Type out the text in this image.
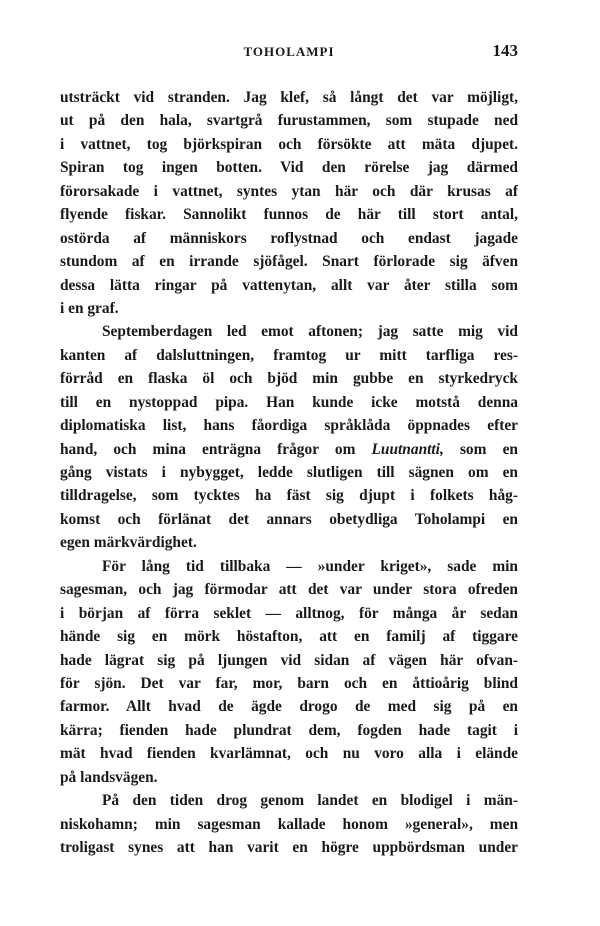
TOHOLAMPI	143
utsträckt vid stranden. Jag klef, så långt det var möjligt,
ut på den hala, svartgrå furustammen, som stupade ned
i vattnet, tog björkspiran och försökte att mäta djupet.
Spiran tog ingen botten. Vid den rörelse jag därmed
förorsakade i vattnet, syntes ytan här och där krusas af
flyende fiskar. Sannolikt funnos de här till stort antal,
ostörda af människors roflystnad och endast jagade
stundom af en irrande sjöfågel. Snart förlorade sig äfven
dessa lätta ringar på vattenytan, allt var åter stilla som
i en graf.
Septemberdagen led emot aftonen; jag satte mig vid
kanten af dalsluttningen, framtog ur mitt tarfliga res-
förråd en flaska öl och bjöd min gubbe en styrkedryck
till en nystoppad pipa. Han kunde icke motstå denna
diplomatiska list, hans fåordiga språklåda öppnades efter
hand, och mina enträgna frågor om Luutnantti, som en
gång vistats i nybygget, ledde slutligen till sägnen om en
tilldragelse, som tycktes ha fäst sig djupt i folkets håg-
komst och förlänat det annars obetydliga Toholampi en
egen märkvärdighet.
För lång tid tillbaka — »under kriget», sade min
sagesman, och jag förmodar att det var under stora ofreden
i början af förra seklet — alltnog, för många år sedan
hände sig en mörk höstafton, att en familj af tiggare
hade lägrat sig på ljungen vid sidan af vägen här ofvan-
för sjön. Det var far, mor, barn och en åttioårig blind
farmor. Allt hvad de ägde drogo de med sig på en
kärra; fienden hade plundrat dem, fogden hade tagit i
mät hvad fienden kvarlämnat, och nu voro alla i elände
på landsvägen.
På den tiden drog genom landet en blodigel i män-
niskohamn; min sagesman kallade honom »general», men
troligast synes att han varit en högre uppbördsman under
